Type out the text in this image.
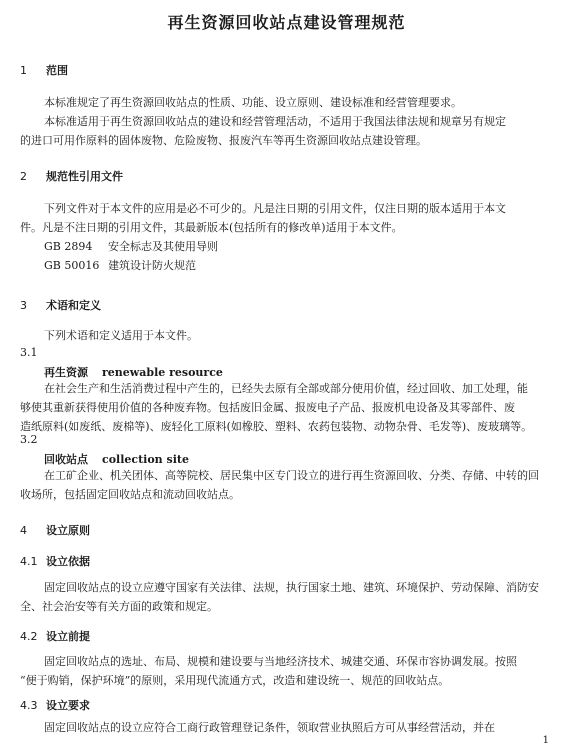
再生资源回收站点建设管理规范
1 范围
本标准规定了再生资源回收站点的性质、功能、设立原则、建设标准和经营管理要求。
本标准适用于再生资源回收站点的建设和经营管理活动，不适用于我国法律法规和规章另有规定
的进口可用作原料的固体废物、危险废物、报废汽车等再生资源回收站点建设管理。
2 规范性引用文件
下列文件对于本文件的应用是必不可少的。凡是注日期的引用文件，仅注日期的版本适用于本文
件。凡是不注日期的引用文件，其最新版本(包括所有的修改单)适用于本文件。
GB 2894 安全标志及其使用导则
GB 50016 建筑设计防火规范
3 术语和定义
下列术语和定义适用于本文件。
3.1
再生资源 renewable resource
在社会生产和生活消费过程中产生的，已经失去原有全部或部分使用价值，经过回收、加工处理，能
够使其重新获得使用价值的各种废弃物。包括废旧金属、报废电子产品、报废机电设备及其零部件、废
造纸原料(如废纸、废棉等)、废轻化工原料(如橡胶、塑料、农药包装物、动物杂骨、毛发等)、废玻璃等。
3.2
回收站点 collection site
在工矿企业、机关团体、高等院校、居民集中区专门设立的进行再生资源回收、分类、存储、中转的回
收场所，包括固定回收站点和流动回收站点。
4 设立原则
4.1 设立依据
固定回收站点的设立应遵守国家有关法律、法规，执行国家土地、建筑、环境保护、劳动保障、消防安
全、社会治安等有关方面的政策和规定。
4.2 设立前提
固定回收站点的选址、布局、规模和建设要与当地经济技术、城建交通、环保市容协调发展。按照
“便于购销，保护环境”的原则，采用现代流通方式，改造和建设统一、规范的回收站点。
4.3 设立要求
固定回收站点的设立应符合工商行政管理登记条件，领取营业执照后方可从事经营活动，并在
1
